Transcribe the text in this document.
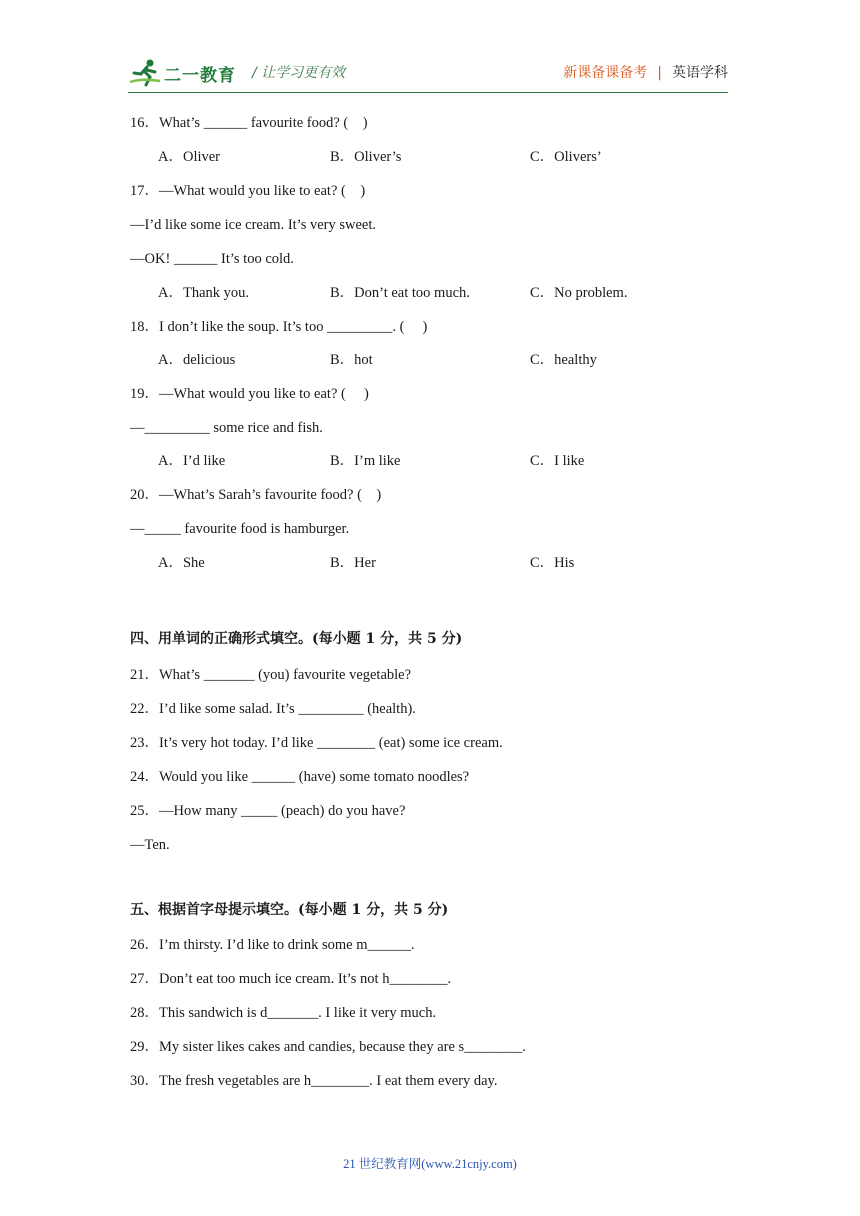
二一教育 / 让学习更有效	新课备课备考 | 英语学科
16．What’s ______ favourite food? (　)
A．Oliver	B．Oliver’s	C．Olivers’
17．—What would you like to eat? (　)
—I’d like some ice cream. It’s very sweet.
—OK! ______ It’s too cold.
A．Thank you.	B．Don’t eat too much.	C．No problem.
18．I don’t like the soup. It’s too _________. (　 )
A．delicious	B．hot	C．healthy
19．—What would you like to eat? (　 )
—_________ some rice and fish.
A．I’d like	B．I’m like	C．I like
20．—What’s Sarah’s favourite food? (　)
—_____ favourite food is hamburger.
A．She	B．Her	C．His
四、用单词的正确形式填空。(每小题 1 分，共 5 分)
21．What’s _______ (you) favourite vegetable?
22．I’d like some salad. It’s _________ (health).
23．It’s very hot today. I’d like ________ (eat) some ice cream.
24．Would you like ______ (have) some tomato noodles?
25．—How many _____ (peach) do you have?
—Ten.
五、根据首字母提示填空。(每小题 1 分，共 5 分)
26．I’m thirsty. I’d like to drink some m______.
27．Don’t eat too much ice cream. It’s not h________.
28．This sandwich is d_______. I like it very much.
29．My sister likes cakes and candies, because they are s________.
30．The fresh vegetables are h________. I eat them every day.
21 世纪教育网(www.21cnjy.com)
